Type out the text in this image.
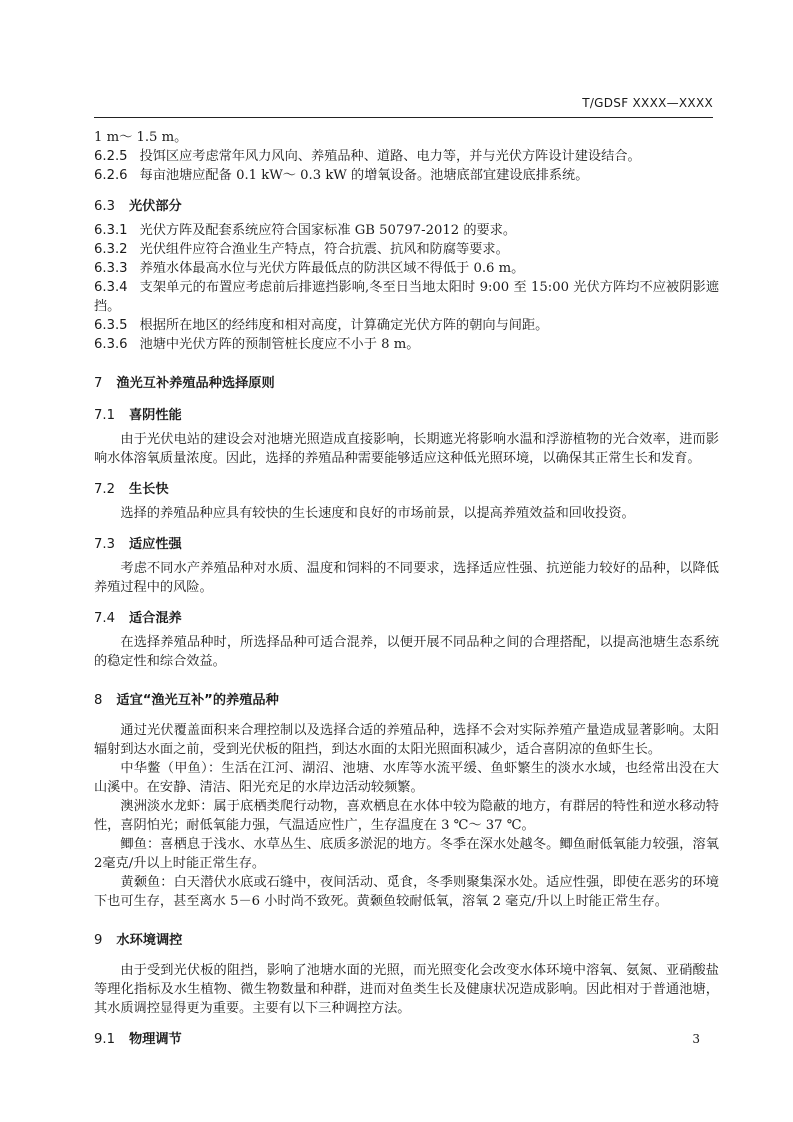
T/GDSF XXXX—XXXX

1 m～ 1.5 m。

6.2.5 投饵区应考虑常年风力风向、养殖品种、道路、电力等，并与光伏方阵设计建设结合。

6.2.6 每亩池塘应配备 0.1 kW～ 0.3 kW 的增氧设备。池塘底部宜建设底排系统。

6.3 光伏部分

6.3.1 光伏方阵及配套系统应符合国家标准 GB 50797-2012 的要求。

6.3.2 光伏组件应符合渔业生产特点，符合抗震、抗风和防腐等要求。

6.3.3 养殖水体最高水位与光伏方阵最低点的防洪区域不得低于 0.6 m。

6.3.4 支架单元的布置应考虑前后排遮挡影响,冬至日当地太阳时 9:00 至 15:00 光伏方阵均不应被阴影遮挡。

6.3.5 根据所在地区的经纬度和相对高度，计算确定光伏方阵的朝向与间距。

6.3.6 池塘中光伏方阵的预制管桩长度应不小于 8 m。

7 渔光互补养殖品种选择原则
7.1 喜阴性能

由于光伏电站的建设会对池塘光照造成直接影响，长期遮光将影响水温和浮游植物的光合效率，进而影响水体溶氧质量浓度。因此，选择的养殖品种需要能够适应这种低光照环境，以确保其正常生长和发育。

7.2 生长快

选择的养殖品种应具有较快的生长速度和良好的市场前景，以提高养殖效益和回收投资。

7.3 适应性强

考虑不同水产养殖品种对水质、温度和饲料的不同要求，选择适应性强、抗逆能力较好的品种，以降低养殖过程中的风险。

7.4 适合混养

在选择养殖品种时，所选择品种可适合混养，以便开展不同品种之间的合理搭配，以提高池塘生态系统的稳定性和综合效益。

8 适宜“渔光互补”的养殖品种

通过光伏覆盖面积来合理控制以及选择合适的养殖品种，选择不会对实际养殖产量造成显著影响。太阳辐射到达水面之前，受到光伏板的阻挡，到达水面的太阳光照面积减少，适合喜阴凉的鱼虾生长。

中华鳖（甲鱼）：生活在江河、湖沼、池塘、水库等水流平缓、鱼虾繁生的淡水水域，也经常出没在大山溪中。在安静、清洁、阳光充足的水岸边活动较频繁。

澳洲淡水龙虾：属于底栖类爬行动物，喜欢栖息在水体中较为隐蔽的地方，有群居的特性和逆水移动特性，喜阴怕光；耐低氧能力强，气温适应性广，生存温度在 3 ℃～ 37 ℃。

鲫鱼：喜栖息于浅水、水草丛生、底质多淤泥的地方。冬季在深水处越冬。鲫鱼耐低氧能力较强，溶氧2毫克/升以上时能正常生存。

黄颡鱼：白天潜伏水底或石缝中，夜间活动、觅食，冬季则聚集深水处。适应性强，即使在恶劣的环境下也可生存，甚至离水 5－6 小时尚不致死。黄颡鱼较耐低氧，溶氧 2 毫克/升以上时能正常生存。

9 水环境调控

由于受到光伏板的阻挡，影响了池塘水面的光照，而光照变化会改变水体环境中溶氧、氨氮、亚硝酸盐等理化指标及水生植物、微生物数量和种群，进而对鱼类生长及健康状况造成影响。因此相对于普通池塘，其水质调控显得更为重要。主要有以下三种调控方法。

9.1 物理调节	3
